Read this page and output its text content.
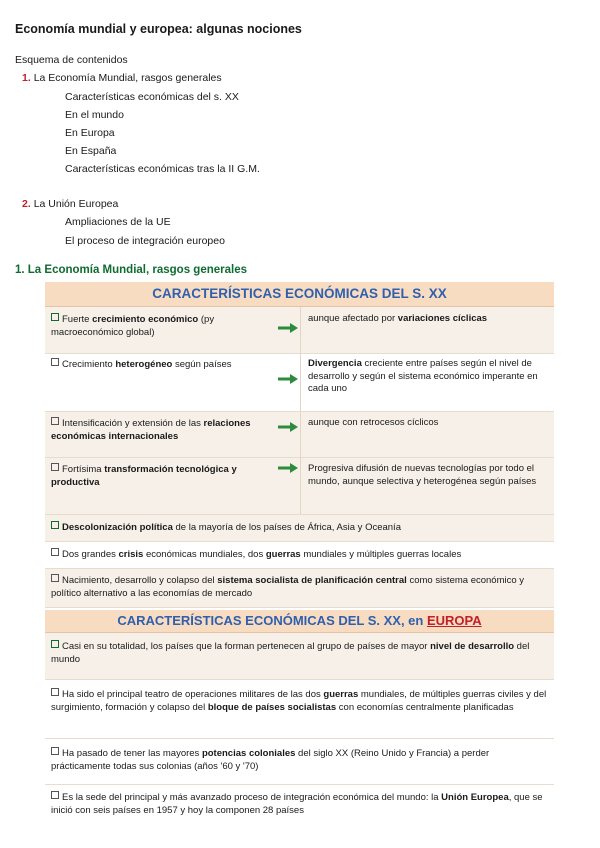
Economía mundial y europea: algunas nociones
Esquema de contenidos
1. La Economía Mundial, rasgos generales
Características económicas del s. XX
En el mundo
En Europa
En España
Características económicas tras la II G.M.
2. La Unión Europea
Ampliaciones de la UE
El proceso de integración europeo
1. La Economía Mundial, rasgos generales
CARACTERÍSTICAS ECONÓMICAS DEL S. XX
Fuerte crecimiento económico (py macroeconómico global)
aunque afectado por variaciones cíclicas
Crecimiento heterogéneo según países	Divergencia creciente entre países según el nivel de desarrollo y según el sistema económico imperante en cada uno
Intensificación y extensión de las relaciones económicas internacionales
aunque con retrocesos cíclicos
Fortísima transformación tecnológica y productiva
Progresiva difusión de nuevas tecnologías por todo el mundo, aunque selectiva y heterogénea según países
Descolonización política de la mayoría de los países de África, Asia y Oceanía
Dos grandes crisis económicas mundiales, dos guerras mundiales y múltiples guerras locales
Nacimiento, desarrollo y colapso del sistema socialista de planificación central como sistema económico y político alternativo a las economías de mercado
CARACTERÍSTICAS ECONÓMICAS DEL S. XX, en EUROPA
Casi en su totalidad, los países que la forman pertenecen al grupo de países de mayor nivel de desarrollo del mundo
Ha sido el principal teatro de operaciones militares de las dos guerras mundiales, de múltiples guerras civiles y del surgimiento, formación y colapso del bloque de países socialistas con economías centralmente planificadas
Ha pasado de tener las mayores potencias coloniales del siglo XX (Reino Unido y Francia) a perder prácticamente todas sus colonias (años '60 y '70)
Es la sede del principal y más avanzado proceso de integración económica del mundo: la Unión Europea, que se inició con seis países en 1957 y hoy la componen 28 países
